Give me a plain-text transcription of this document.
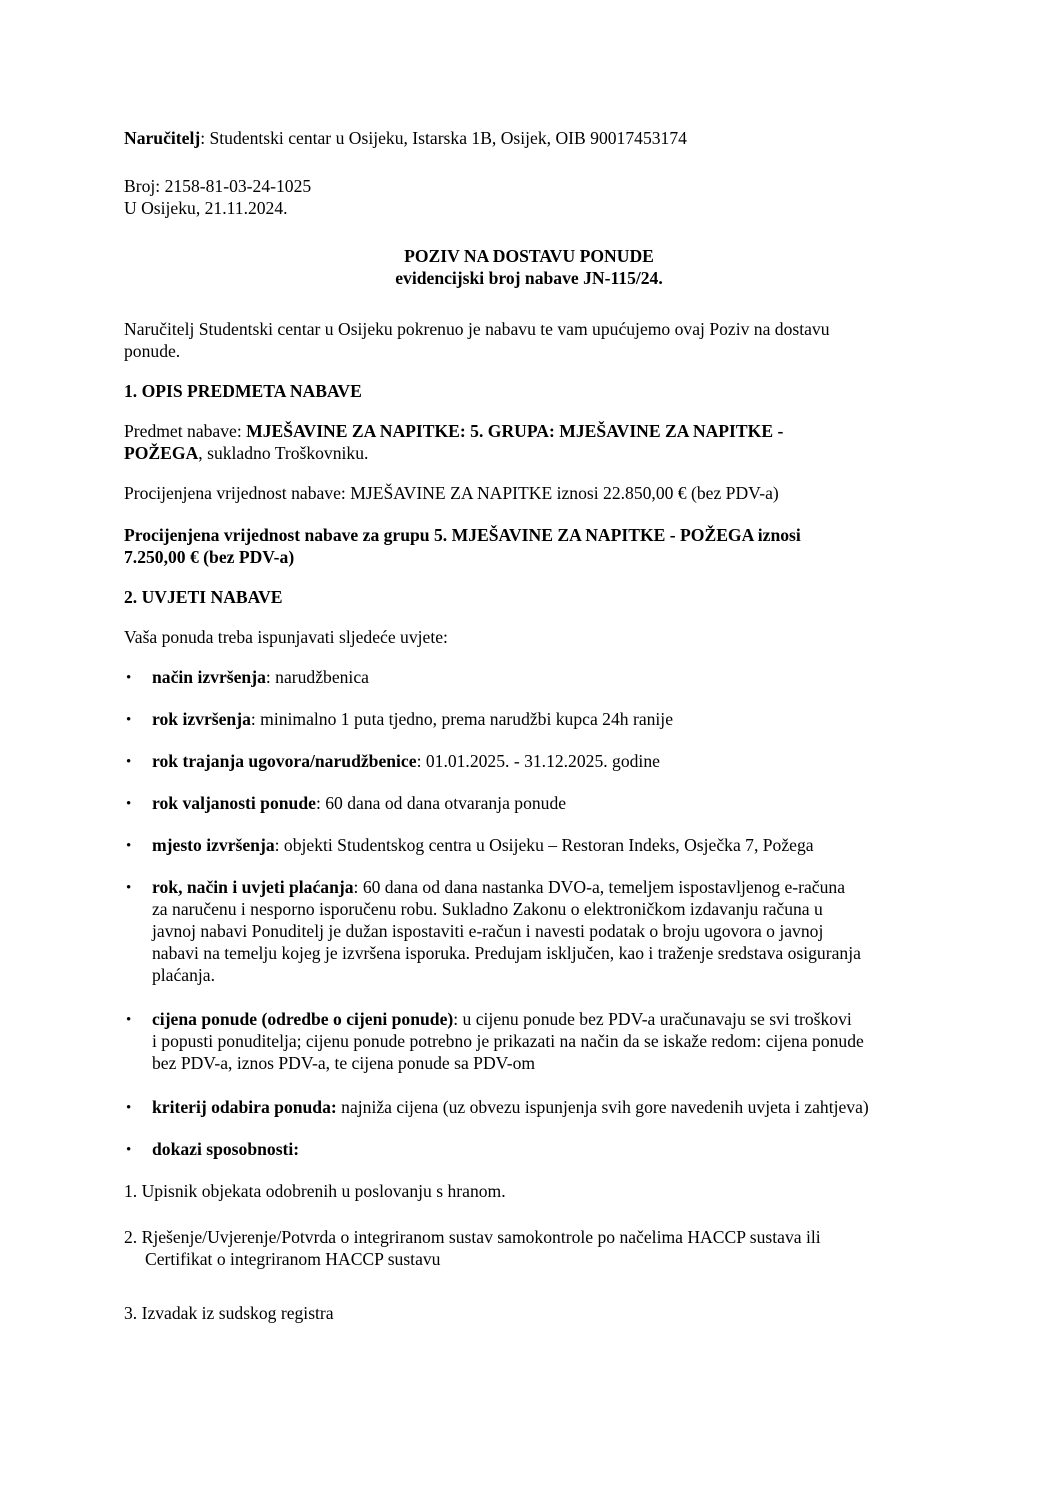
Naručitelj: Studentski centar u Osijeku, Istarska 1B, Osijek, OIB 90017453174

Broj: 2158-81-03-24-1025

U Osijeku, 21.11.2024.

POZIV NA DOSTAVU PONUDE

evidencijski broj nabave JN-115/24.

Naručitelj Studentski centar u Osijeku pokrenuo je nabavu te vam upućujemo ovaj Poziv na dostavu
ponude.

1. OPIS PREDMETA NABAVE

Predmet nabave: MJEŠAVINE ZA NAPITKE: 5. GRUPA: MJEŠAVINE ZA NAPITKE -
POŽEGA, sukladno Troškovniku.

Procijenjena vrijednost nabave: MJEŠAVINE ZA NAPITKE iznosi 22.850,00 € (bez PDV-a)

Procijenjena vrijednost nabave za grupu 5. MJEŠAVINE ZA NAPITKE - POŽEGA iznosi
7.250,00 € (bez PDV-a)

2. UVJETI NABAVE

Vaša ponuda treba ispunjavati sljedeće uvjete:

• način izvršenja: narudžbenica

• rok izvršenja: minimalno 1 puta tjedno, prema narudžbi kupca 24h ranije

• rok trajanja ugovora/narudžbenice: 01.01.2025. - 31.12.2025. godine

• rok valjanosti ponude: 60 dana od dana otvaranja ponude

• mjesto izvršenja: objekti Studentskog centra u Osijeku – Restoran Indeks, Osječka 7, Požega

• rok, način i uvjeti plaćanja: 60 dana od dana nastanka DVO-a, temeljem ispostavljenog e-računa
za naručenu i nesporno isporučenu robu. Sukladno Zakonu o elektroničkom izdavanju računa u
javnoj nabavi Ponuditelj je dužan ispostaviti e-račun i navesti podatak o broju ugovora o javnoj
nabavi na temelju kojeg je izvršena isporuka. Predujam isključen, kao i traženje sredstava osiguranja
plaćanja.

• cijena ponude (odredbe o cijeni ponude): u cijenu ponude bez PDV-a uračunavaju se svi troškovi
i popusti ponuditelja; cijenu ponude potrebno je prikazati na način da se iskaže redom: cijena ponude
bez PDV-a, iznos PDV-a, te cijena ponude sa PDV-om

• kriterij odabira ponuda: najniža cijena (uz obvezu ispunjenja svih gore navedenih uvjeta i zahtjeva)

• dokazi sposobnosti:

1. Upisnik objekata odobrenih u poslovanju s hranom.

2. Rješenje/Uvjerenje/Potvrda o integriranom sustav samokontrole po načelima HACCP sustava ili
Certifikat o integriranom HACCP sustavu

3. Izvadak iz sudskog registra
